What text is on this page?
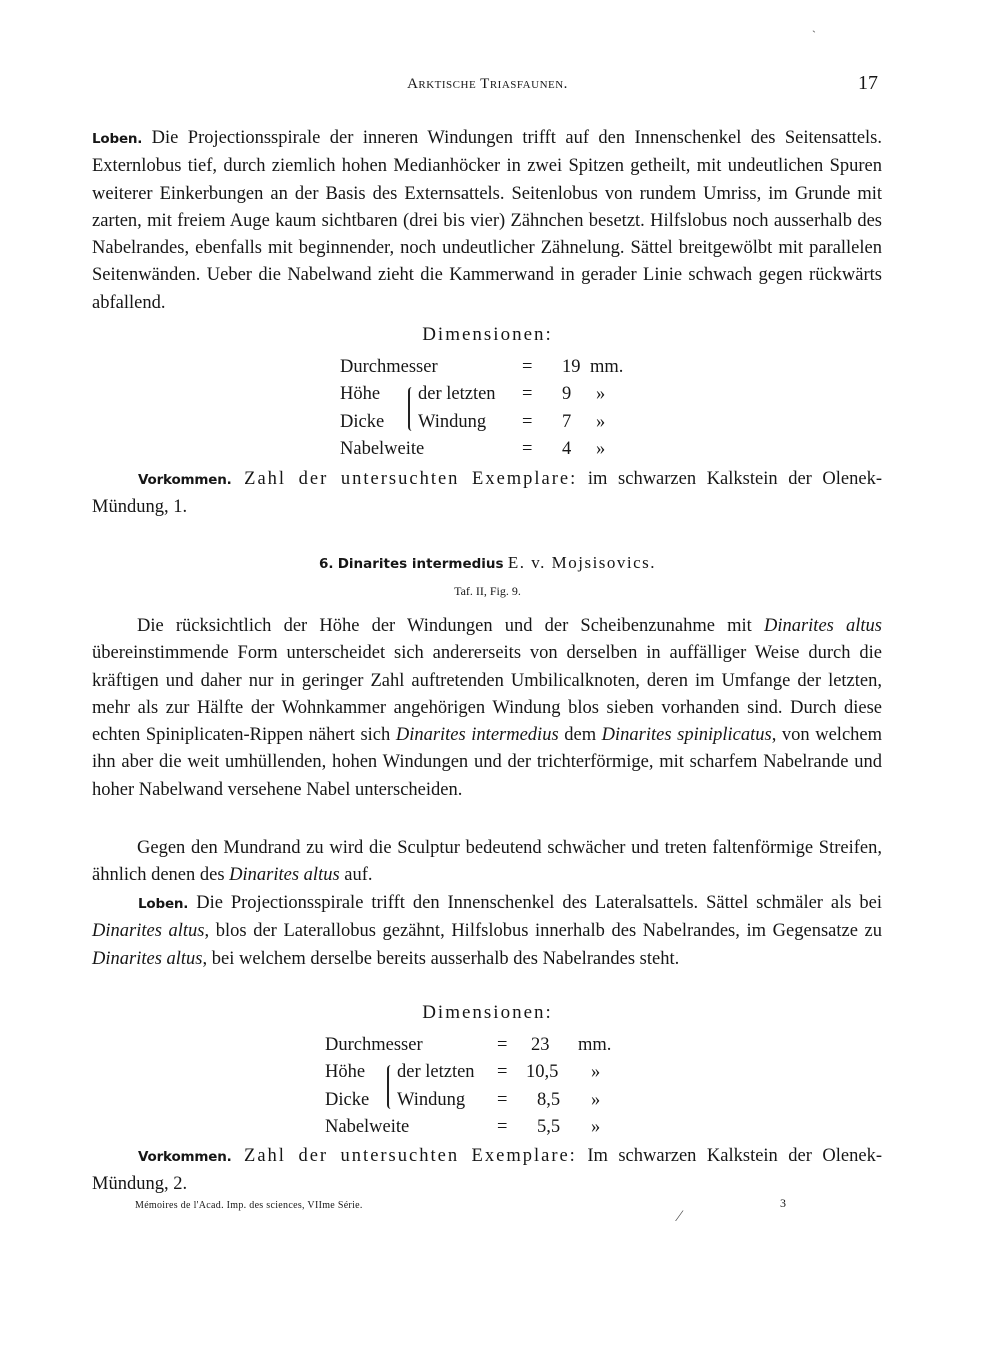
Arktische Triasfaunen.	17

Loben. Die Projectionsspirale der inneren Windungen trifft auf den Innenschenkel des Seitensattels. Externlobus tief, durch ziemlich hohen Medianhöcker in zwei Spitzen getheilt, mit undeutlichen Spuren weiterer Einkerbungen an der Basis des Externsattels. Seitenlobus von rundem Umriss, im Grunde mit zarten, mit freiem Auge kaum sichtbaren (drei bis vier) Zähnchen besetzt. Hilfslobus noch ausserhalb des Nabelrandes, ebenfalls mit beginnender, noch undeutlicher Zähnelung. Sättel breitgewölbt mit parallelen Seitenwänden. Ueber die Nabelwand zieht die Kammerwand in gerader Linie schwach gegen rückwärts abfallend.

Dimensionen:
Durchmesser	= 19 mm.
Höhe der letzten = 9 »
Dicke Windung = 7 »
Nabelweite	= 4 »

Vorkommen. Zahl der untersuchten Exemplare: im schwarzen Kalkstein der Olenek-Mündung, 1.

6. Dinarites intermedius E. v. Mojsisovics.
Taf. II, Fig. 9.

Die rücksichtlich der Höhe der Windungen und der Scheibenzunahme mit Dinarites altus übereinstimmende Form unterscheidet sich andererseits von derselben in auffälliger Weise durch die kräftigen und daher nur in geringer Zahl auftretenden Umbilicalknoten, deren im Umfange der letzten, mehr als zur Hälfte der Wohnkammer angehörigen Windung blos sieben vorhanden sind. Durch diese echten Spiniplicaten-Rippen nähert sich Dinarites intermedius dem Dinarites spiniplicatus, von welchem ihn aber die weit umhüllenden, hohen Windungen und der trichterförmige, mit scharfem Nabelrande und hoher Nabelwand versehene Nabel unterscheiden.

Gegen den Mundrand zu wird die Sculptur bedeutend schwächer und treten faltenförmige Streifen, ähnlich denen des Dinarites altus auf.

Loben. Die Projectionsspirale trifft den Innenschenkel des Lateralsattels. Sättel schmäler als bei Dinarites altus, blos der Laterallobus gezähnt, Hilfslobus innerhalb des Nabelrandes, im Gegensatze zu Dinarites altus, bei welchem derselbe bereits ausserhalb des Nabelrandes steht.

Dimensionen:
Durchmesser	= 23 mm.
Höhe der letzten = 10,5 »
Dicke Windung = 8,5 »
Nabelweite	= 5,5 »

Vorkommen. Zahl der untersuchten Exemplare: Im schwarzen Kalkstein der Olenek-Mündung, 2.

Mémoires de l'Acad. Imp. des sciences, VIIme Série.	3
`
⁄
